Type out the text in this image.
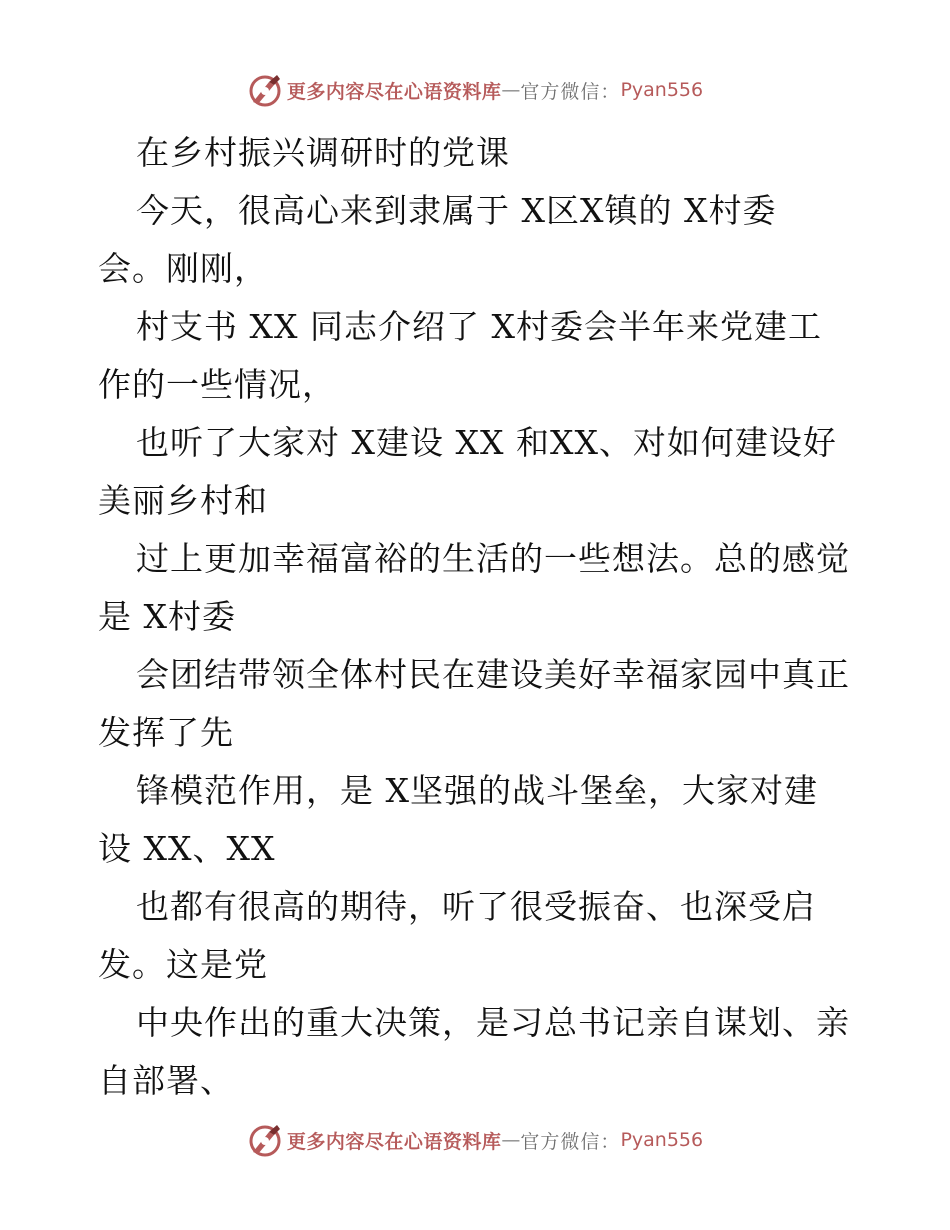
更多内容尽在心语资料库 — 官方微信： Pyan556
在乡村振兴调研时的党课
今天，很高心来到隶属于 X区X镇的 X村委
会。刚刚，
村支书 XX 同志介绍了 X村委会半年来党建工
作的一些情况，
也听了大家对 X建设 XX 和XX、对如何建设好
美丽乡村和
过上更加幸福富裕的生活的一些想法。总的感觉
是 X村委
会团结带领全体村民在建设美好幸福家园中真正
发挥了先
锋模范作用，是 X坚强的战斗堡垒，大家对建
设 XX、XX
也都有很高的期待，听了很受振奋、也深受启
发。这是党
中央作出的重大决策，是习总书记亲自谋划、亲
自部署、
更多内容尽在心语资料库 — 官方微信： Pyan556
